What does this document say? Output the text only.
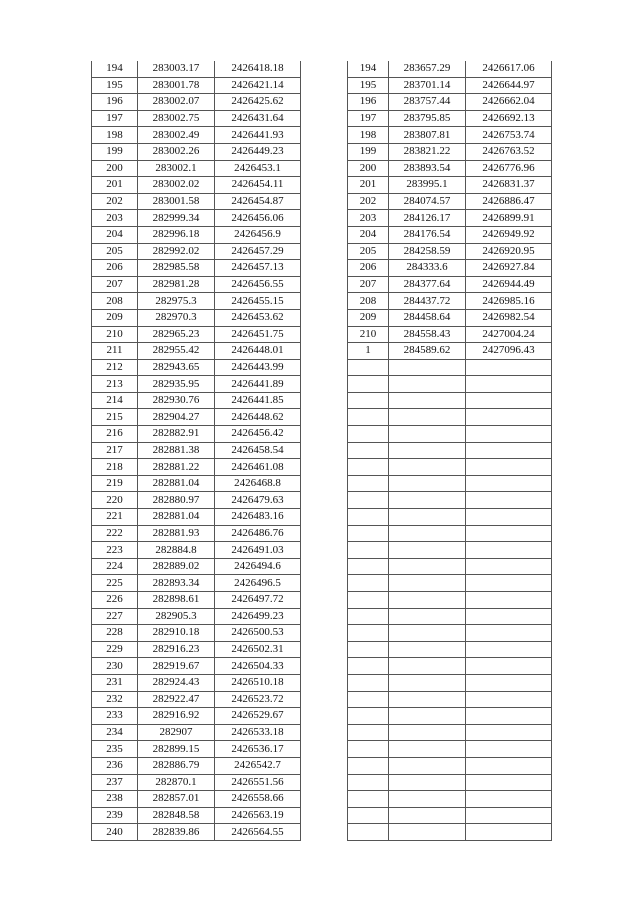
194	283003.17	2426418.18
195	283001.78	2426421.14
196	283002.07	2426425.62
197	283002.75	2426431.64
198	283002.49	2426441.93
199	283002.26	2426449.23
200	283002.1	2426453.1
201	283002.02	2426454.11
202	283001.58	2426454.87
203	282999.34	2426456.06
204	282996.18	2426456.9
205	282992.02	2426457.29
206	282985.58	2426457.13
207	282981.28	2426456.55
208	282975.3	2426455.15
209	282970.3	2426453.62
210	282965.23	2426451.75
211	282955.42	2426448.01
212	282943.65	2426443.99
213	282935.95	2426441.89
214	282930.76	2426441.85
215	282904.27	2426448.62
216	282882.91	2426456.42
217	282881.38	2426458.54
218	282881.22	2426461.08
219	282881.04	2426468.8
220	282880.97	2426479.63
221	282881.04	2426483.16
222	282881.93	2426486.76
223	282884.8	2426491.03
224	282889.02	2426494.6
225	282893.34	2426496.5
226	282898.61	2426497.72
227	282905.3	2426499.23
228	282910.18	2426500.53
229	282916.23	2426502.31
230	282919.67	2426504.33
231	282924.43	2426510.18
232	282922.47	2426523.72
233	282916.92	2426529.67
234	282907	2426533.18
235	282899.15	2426536.17
236	282886.79	2426542.7
237	282870.1	2426551.56
238	282857.01	2426558.66
239	282848.58	2426563.19
240	282839.86	2426564.55
194	283657.29	2426617.06
195	283701.14	2426644.97
196	283757.44	2426662.04
197	283795.85	2426692.13
198	283807.81	2426753.74
199	283821.22	2426763.52
200	283893.54	2426776.96
201	283995.1	2426831.37
202	284074.57	2426886.47
203	284126.17	2426899.91
204	284176.54	2426949.92
205	284258.59	2426920.95
206	284333.6	2426927.84
207	284377.64	2426944.49
208	284437.72	2426985.16
209	284458.64	2426982.54
210	284558.43	2427004.24
1	284589.62	2427096.43
